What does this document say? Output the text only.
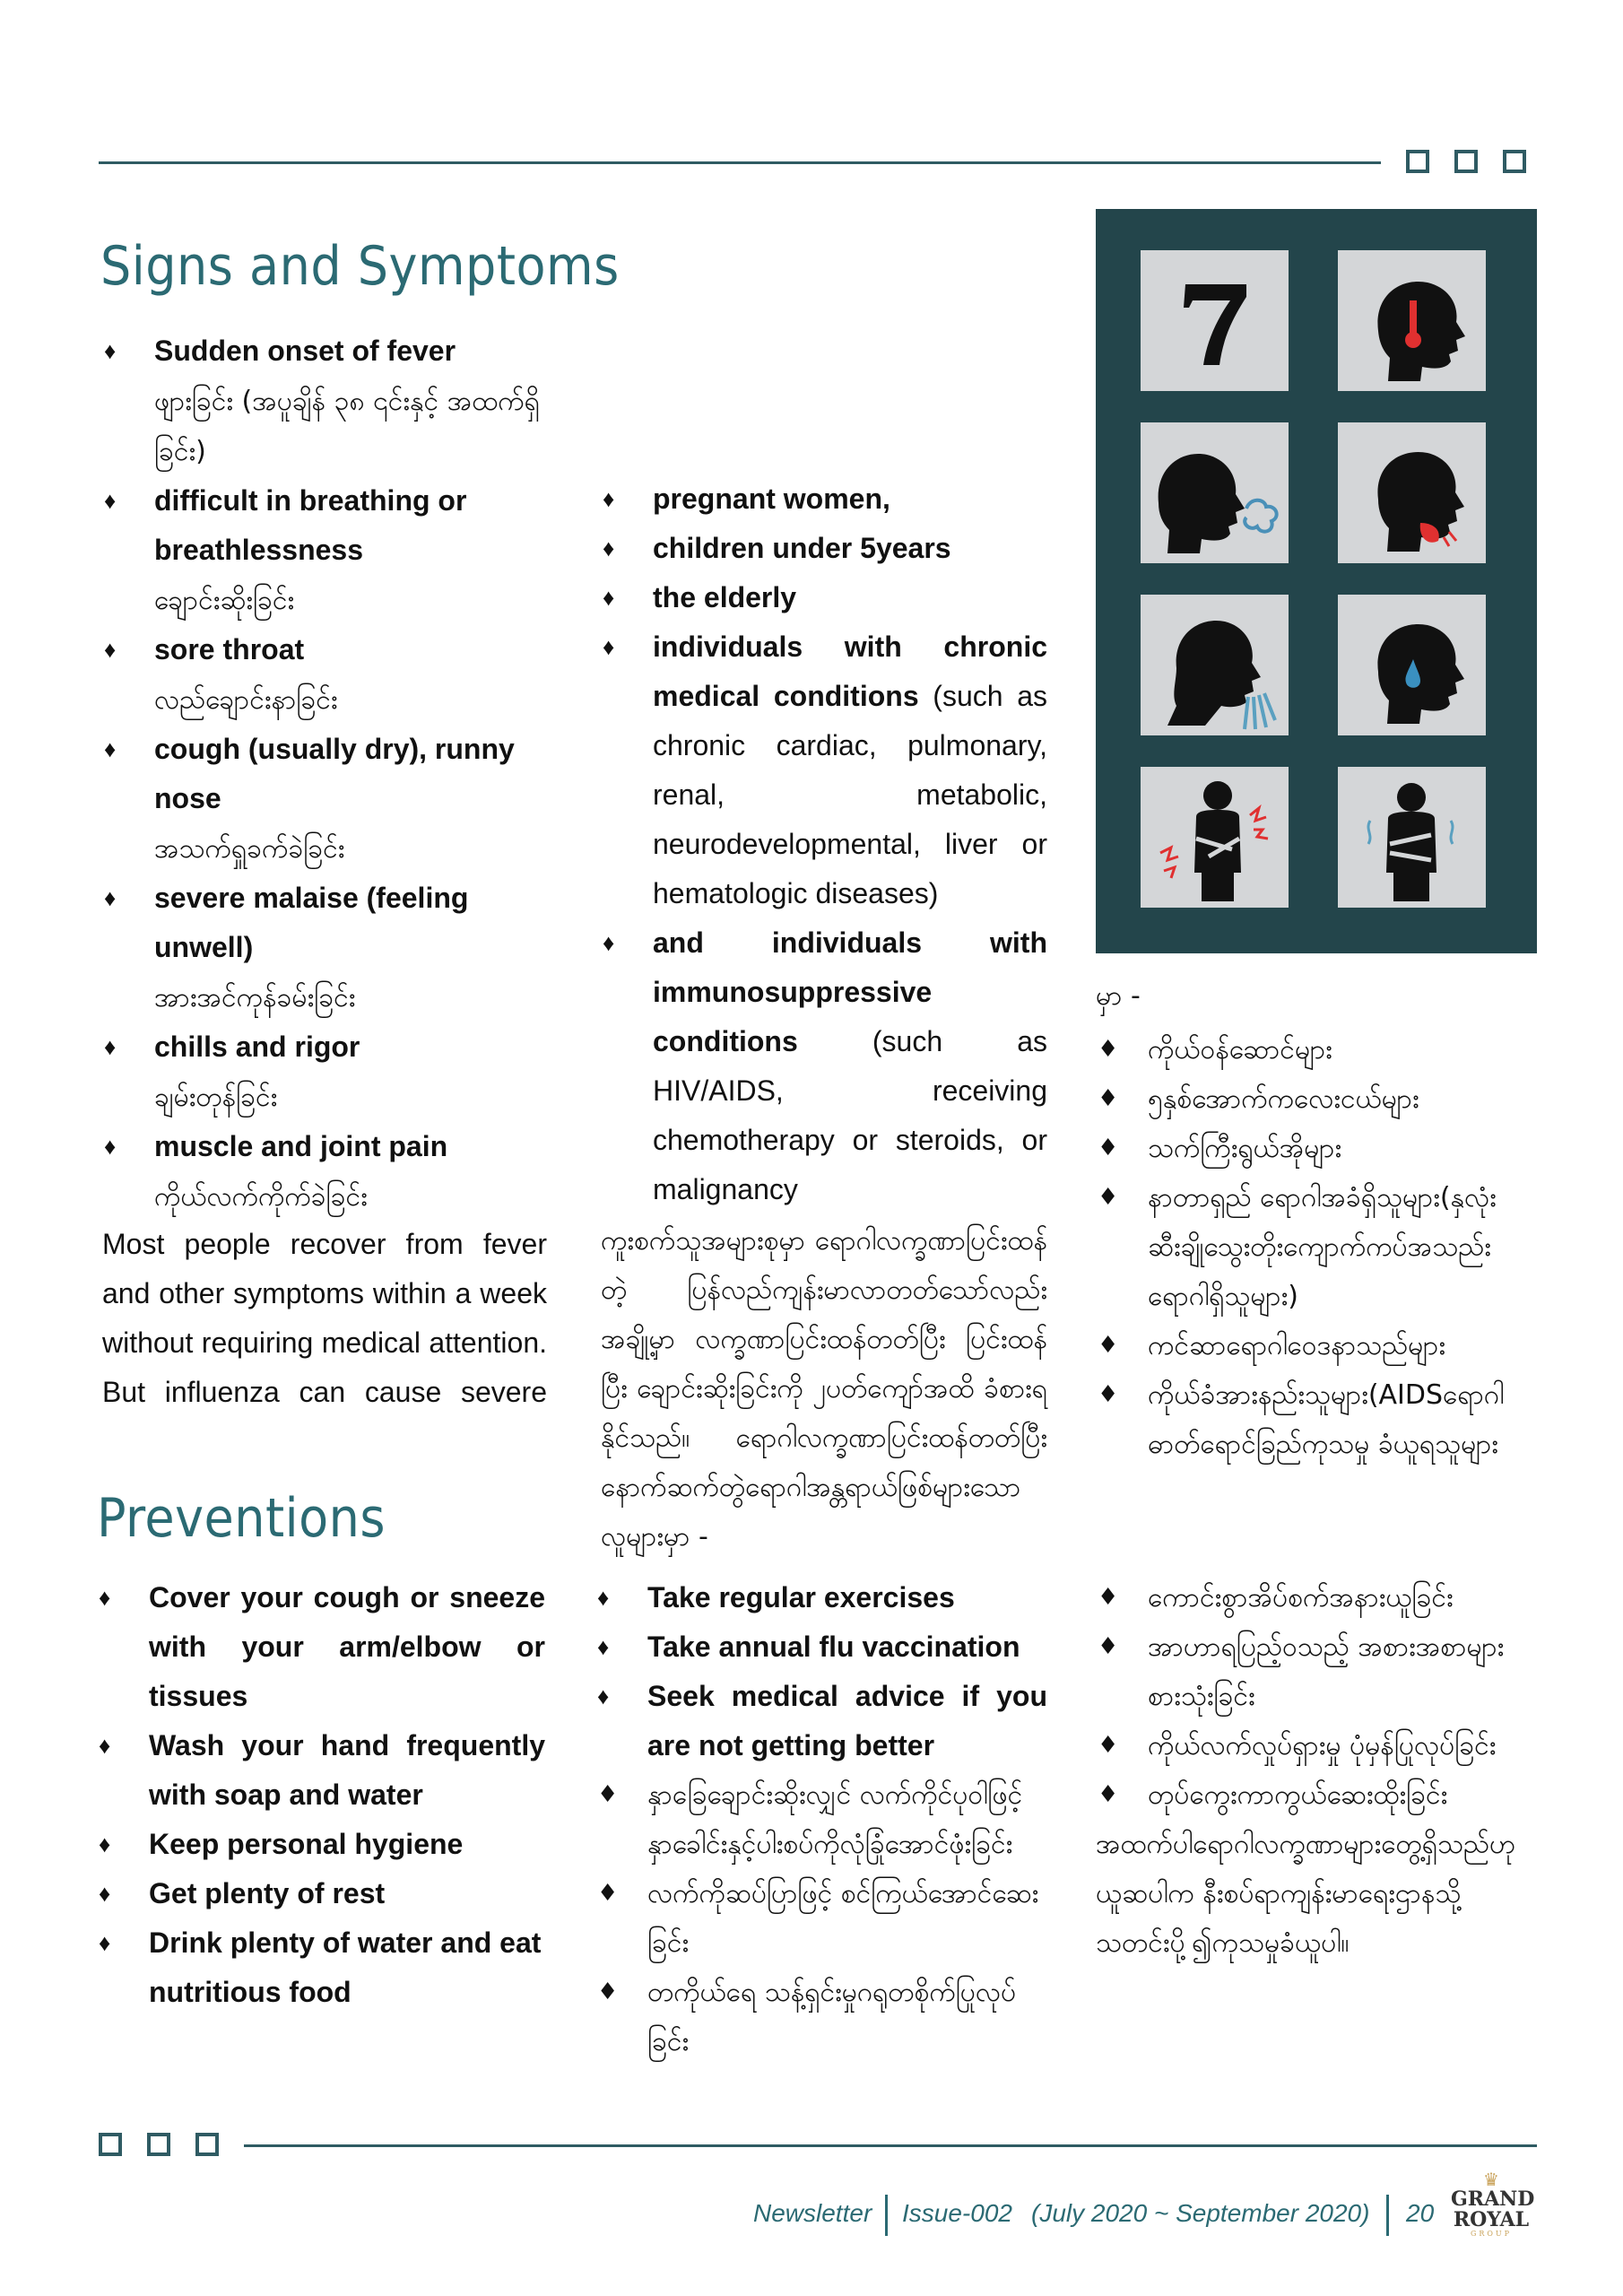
Signs and Symptoms
♦ Sudden onset of fever
ဖျားခြင်း (အပူချိန် ၃၈ ၎င်းနှင့် အထက်ရှိ ခြင်း)
♦ difficult in breathing or breathlessness
ချောင်းဆိုးခြင်း
♦ sore throat
လည်ချောင်းနာခြင်း
♦ cough (usually dry), runny nose
အသက်ရှူခက်ခဲခြင်း
♦ severe malaise (feeling unwell)
အားအင်ကုန်ခမ်းခြင်း
♦ chills and rigor
ချမ်းတုန်ခြင်း
♦ muscle and joint pain
ကိုယ်လက်ကိုက်ခဲခြင်း
Most people recover from fever and other symptoms within a week without requiring medical attention. But influenza can cause severe
♦ pregnant women,
♦ children under 5years
♦ the elderly
♦ individuals with chronic medical conditions (such as chronic cardiac, pulmonary, renal, metabolic, neurodevelopmental, liver or hematologic diseases)
♦ and individuals with immunosuppressive conditions (such as HIV/AIDS, receiving chemotherapy or steroids, or malignancy
ကူးစက်သူအများစုမှာ ရောဂါလက္ခဏာပြင်းထန်တဲ့ ပြန်လည်ကျန်းမာလာတတ်သော်လည်း အချို့မှာ လက္ခဏာပြင်းထန်တတ်ပြီး ပြင်းထန်ပြီး ချောင်းဆိုးခြင်းကို ၂ပတ်ကျော်အထိ ခံစားရနိုင်သည်။ ရောဂါလက္ခဏာပြင်းထန်တတ်ပြီး နောက်ဆက်တွဲရောဂါအန္တရာယ်ဖြစ်များသော လူများမှာ -
မှာ -
♦ ကိုယ်ဝန်ဆောင်များ
♦ ၅နှစ်အောက်ကလေးငယ်များ
♦ သက်ကြီးရွယ်အိုများ
♦ နာတာရှည် ရောဂါအခံရှိသူများ(နှလုံး ဆီးချိုသွေးတိုးကျောက်ကပ်အသည်း ရောဂါရှိသူများ)
♦ ကင်ဆာရောဂါဝေဒနာသည်များ
♦ ကိုယ်ခံအားနည်းသူများ(AIDSရောဂါ ဓာတ်ရောင်ခြည်ကုသမှု ခံယူရသူများ
Preventions
♦ Cover your cough or sneeze with your arm/elbow or tissues
♦ Wash your hand frequently with soap and water
♦ Keep personal hygiene
♦ Get plenty of rest
♦ Drink plenty of water and eat nutritious food
♦ Take regular exercises
♦ Take annual flu vaccination
♦ Seek medical advice if you are not getting better
♦ နှာခြေချောင်းဆိုးလျှင် လက်ကိုင်ပုဝါဖြင့်နှာခေါင်းနှင့်ပါးစပ်ကိုလုံခြုံအောင်ဖုံးခြင်း
♦ လက်ကိုဆပ်ပြာဖြင့် စင်ကြယ်အောင်ဆေးခြင်း
♦ တကိုယ်ရေ သန့်ရှင်းမှုဂရုတစိုက်ပြုလုပ်ခြင်း
♦ ကောင်းစွာအိပ်စက်အနားယူခြင်း
♦ အာဟာရပြည့်ဝသည့် အစားအစာများစားသုံးခြင်း
♦ ကိုယ်လက်လှုပ်ရှားမှု ပုံမှန်ပြုလုပ်ခြင်း
♦ တုပ်ကွေးကာကွယ်ဆေးထိုးခြင်း
အထက်ပါရောဂါလက္ခဏာများတွေ့ရှိသည်ဟုယူဆပါက နီးစပ်ရာကျန်းမာရေးဌာနသို့ သတင်းပို့၍ကုသမှုခံယူပါ။
Newsletter Issue-002 (July 2020 ~ September 2020) 20
♛
GRAND
ROYAL
GROUP
